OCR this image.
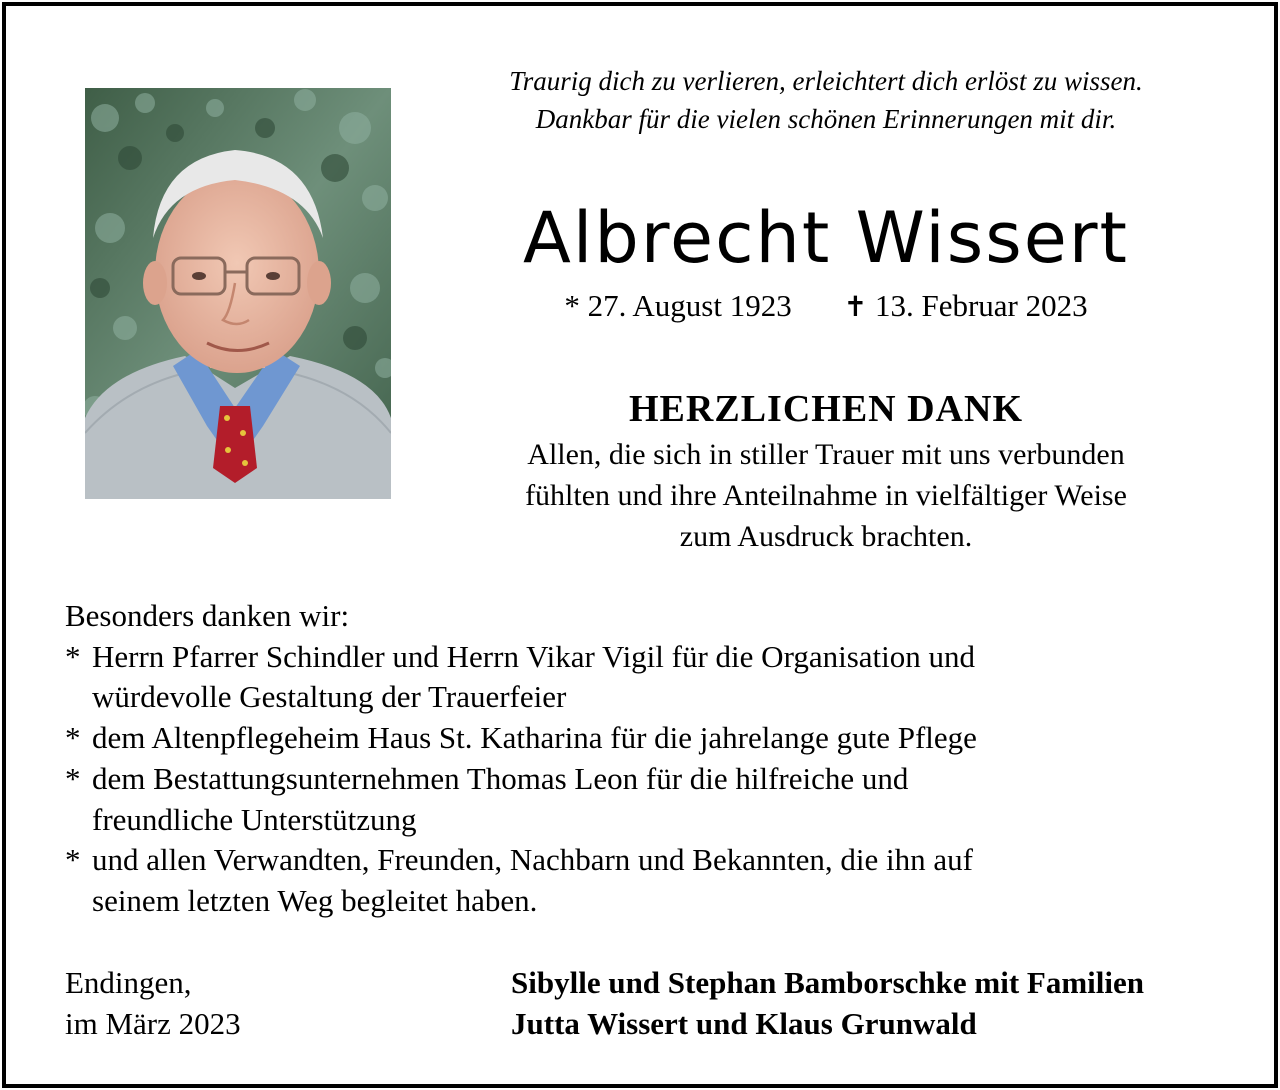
Traurig dich zu verlieren, erleichtert dich erlöst zu wissen.
Dankbar für die vielen schönen Erinnerungen mit dir.
Albrecht Wissert
* 27. August 1923 ✝ 13. Februar 2023
HERZLICHEN DANK
Allen, die sich in stiller Trauer mit uns verbunden
fühlten und ihre Anteilnahme in vielfältiger Weise
zum Ausdruck brachten.
Besonders danken wir:
* Herrn Pfarrer Schindler und Herrn Vikar Vigil für die Organisation und
würdevolle Gestaltung der Trauerfeier
* dem Altenpflegeheim Haus St. Katharina für die jahrelange gute Pflege
* dem Bestattungsunternehmen Thomas Leon für die hilfreiche und
freundliche Unterstützung
* und allen Verwandten, Freunden, Nachbarn und Bekannten, die ihn auf
seinem letzten Weg begleitet haben.
Endingen,
im März 2023
Sibylle und Stephan Bamborschke mit Familien
Jutta Wissert und Klaus Grunwald
